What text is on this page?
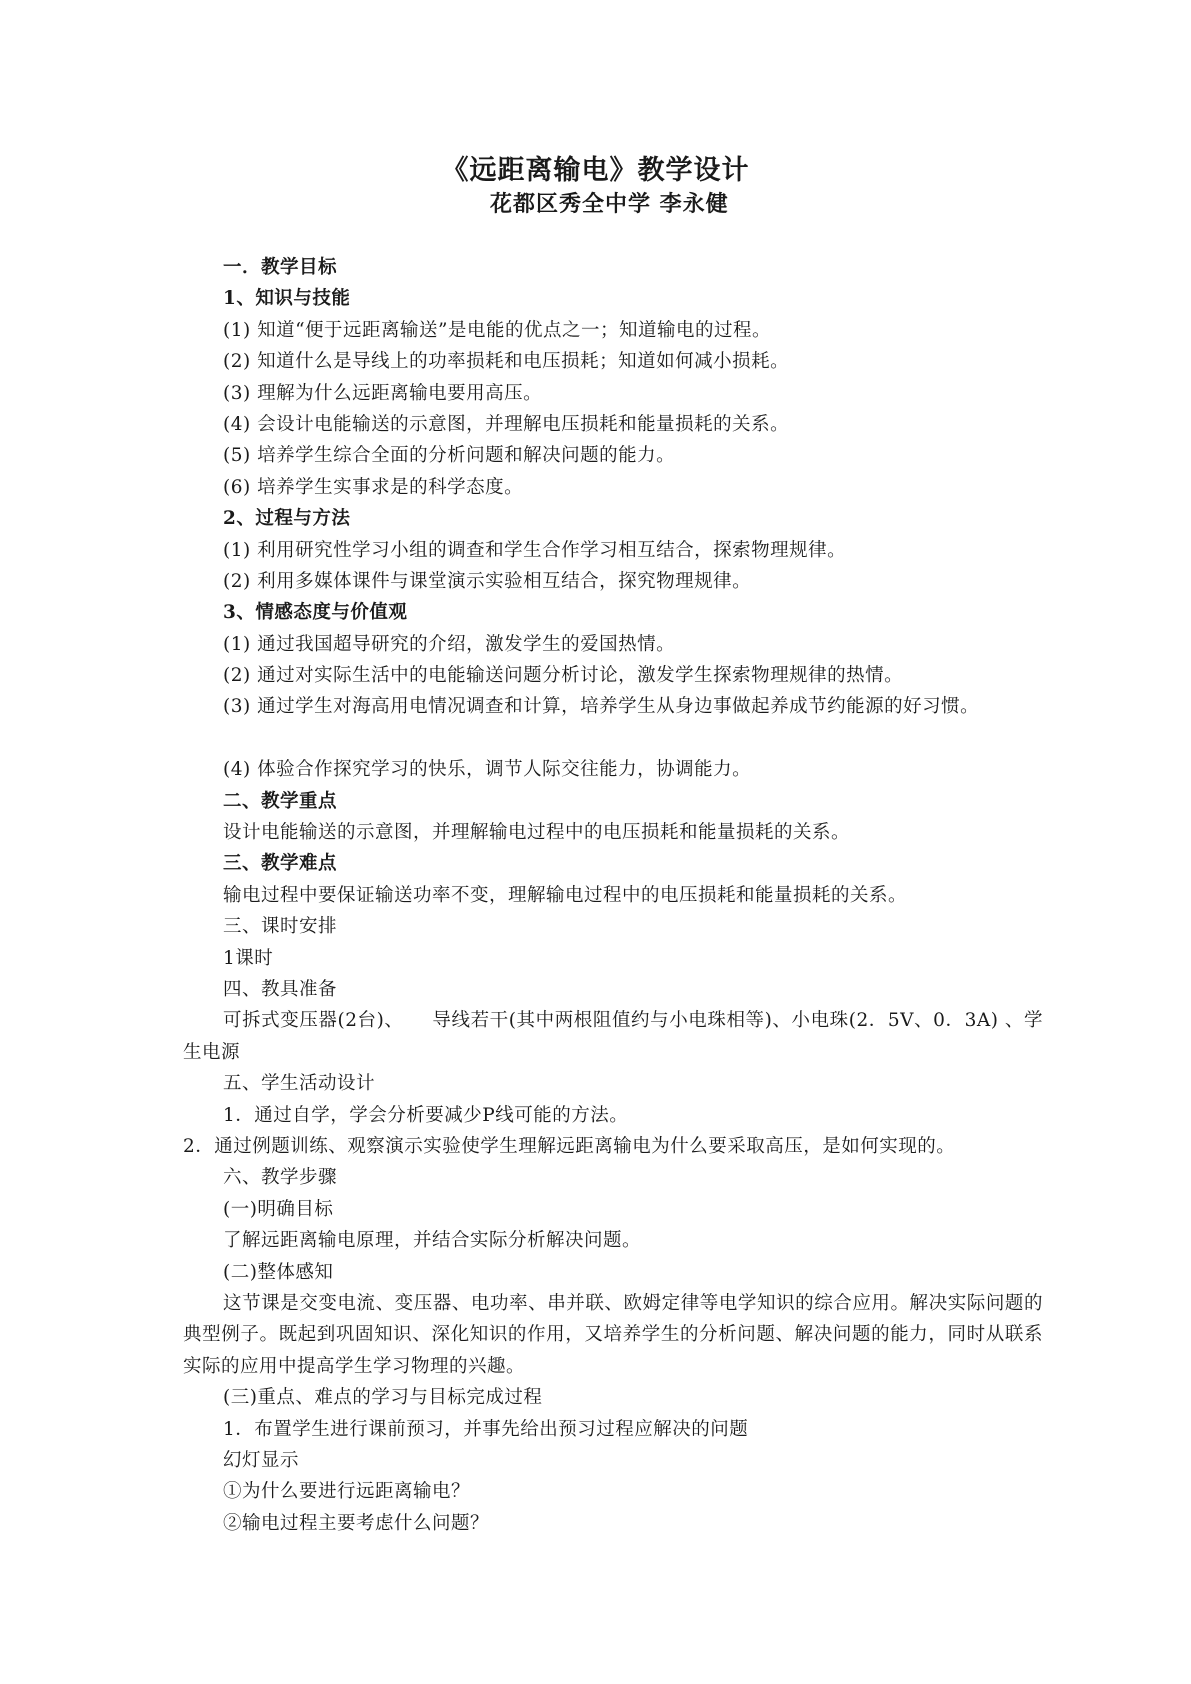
《远距离输电》教学设计
花都区秀全中学 李永健
一．教学目标
1、知识与技能
(1) 知道“便于远距离输送”是电能的优点之一；知道输电的过程。
(2) 知道什么是导线上的功率损耗和电压损耗；知道如何减小损耗。
(3) 理解为什么远距离输电要用高压。
(4) 会设计电能输送的示意图，并理解电压损耗和能量损耗的关系。
(5) 培养学生综合全面的分析问题和解决问题的能力。
(6) 培养学生实事求是的科学态度。
2、过程与方法
(1) 利用研究性学习小组的调查和学生合作学习相互结合，探索物理规律。
(2) 利用多媒体课件与课堂演示实验相互结合，探究物理规律。
3、情感态度与价值观
(1) 通过我国超导研究的介绍，激发学生的爱国热情。
(2) 通过对实际生活中的电能输送问题分析讨论，激发学生探索物理规律的热情。
(3) 通过学生对海高用电情况调查和计算，培养学生从身边事做起养成节约能源的好习惯。
(4) 体验合作探究学习的快乐，调节人际交往能力，协调能力。
二、教学重点
设计电能输送的示意图，并理解输电过程中的电压损耗和能量损耗的关系。
三、教学难点
输电过程中要保证输送功率不变，理解输电过程中的电压损耗和能量损耗的关系。
三、课时安排
1课时
四、教具准备
可拆式变压器(2台)、　　导线若干(其中两根阻值约与小电珠相等)、小电珠(2．5V、0．3A) 、学生电源
五、学生活动设计
1．通过自学，学会分析要减少P线可能的方法。
2．通过例题训练、观察演示实验使学生理解远距离输电为什么要采取高压，是如何实现的。
六、教学步骤
(一)明确目标
了解远距离输电原理，并结合实际分析解决问题。
(二)整体感知
这节课是交变电流、变压器、电功率、串并联、欧姆定律等电学知识的综合应用。解决实际问题的典型例子。既起到巩固知识、深化知识的作用，又培养学生的分析问题、解决问题的能力，同时从联系实际的应用中提高学生学习物理的兴趣。
(三)重点、难点的学习与目标完成过程
1．布置学生进行课前预习，并事先给出预习过程应解决的问题
幻灯显示
①为什么要进行远距离输电？
②输电过程主要考虑什么问题？
